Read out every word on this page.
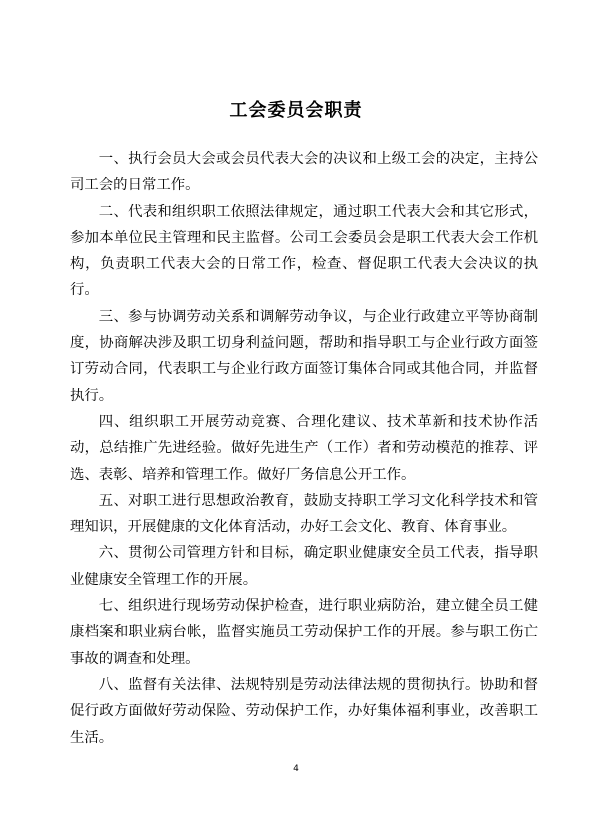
工会委员会职责

一、执行会员大会或会员代表大会的决议和上级工会的决定，主持公司工会的日常工作。

二、代表和组织职工依照法律规定，通过职工代表大会和其它形式，参加本单位民主管理和民主监督。公司工会委员会是职工代表大会工作机构，负责职工代表大会的日常工作，检查、督促职工代表大会决议的执行。

三、参与协调劳动关系和调解劳动争议，与企业行政建立平等协商制度，协商解决涉及职工切身利益问题，帮助和指导职工与企业行政方面签订劳动合同，代表职工与企业行政方面签订集体合同或其他合同，并监督执行。

四、组织职工开展劳动竞赛、合理化建议、技术革新和技术协作活动，总结推广先进经验。做好先进生产（工作）者和劳动模范的推荐、评选、表彰、培养和管理工作。做好厂务信息公开工作。

五、对职工进行思想政治教育，鼓励支持职工学习文化科学技术和管理知识，开展健康的文化体育活动，办好工会文化、教育、体育事业。

六、贯彻公司管理方针和目标，确定职业健康安全员工代表，指导职业健康安全管理工作的开展。

七、组织进行现场劳动保护检查，进行职业病防治，建立健全员工健康档案和职业病台帐，监督实施员工劳动保护工作的开展。参与职工伤亡事故的调查和处理。

八、监督有关法律、法规特别是劳动法律法规的贯彻执行。协助和督促行政方面做好劳动保险、劳动保护工作，办好集体福利事业，改善职工生活。

4
